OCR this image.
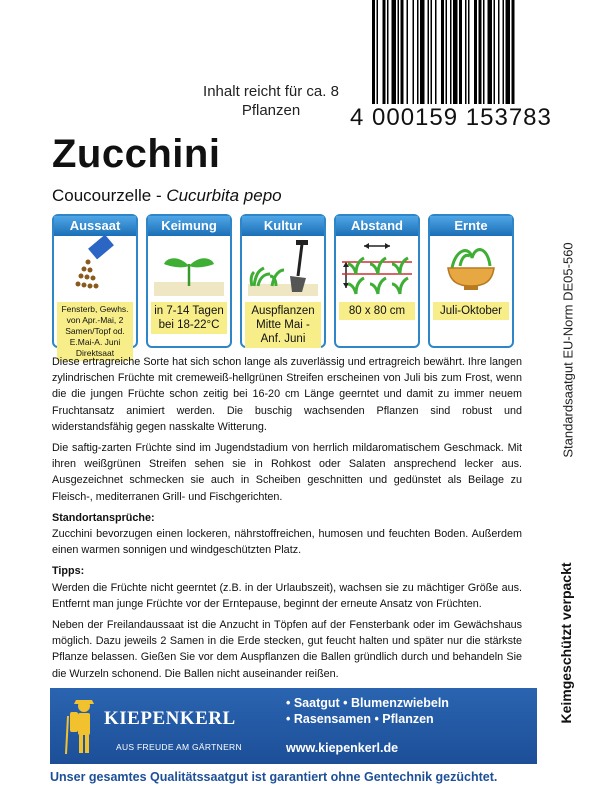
4 000159 153783
Inhalt reicht für ca. 8 Pflanzen
Zucchini
Coucourzelle - Cucurbita pepo
Aussaat
Fensterb, Gewhs. von Apr.-Mai, 2 Samen/Topf od. E.Mai-A. Juni Direktsaat
Keimung
in 7-14 Tagen bei 18-22°C
Kultur
Auspflanzen Mitte Mai - Anf. Juni
Abstand
80 x 80 cm
Ernte
Juli-Oktober

Diese ertragreiche Sorte hat sich schon lange als zuverlässig und ertragreich bewährt. Ihre langen zylindrischen Früchte mit cremeweiß-hellgrünen Streifen erscheinen von Juli bis zum Frost, wenn die die jungen Früchte schon zeitig bei 16-20 cm Länge geerntet und damit zu immer neuem Fruchtansatz animiert werden. Die buschig wachsenden Pflanzen sind robust und widerstandsfähig gegen nasskalte Witterung.

Die saftig-zarten Früchte sind im Jugendstadium von herrlich mildaromatischem Geschmack. Mit ihren weißgrünen Streifen sehen sie in Rohkost oder Salaten ansprechend lecker aus. Ausgezeichnet schmecken sie auch in Scheiben geschnitten und gedünstet als Beilage zu Fleisch-, mediterranen Grill- und Fischgerichten.

Standortansprüche:

Zucchini bevorzugen einen lockeren, nährstoffreichen, humosen und feuchten Boden. Außerdem einen warmen sonnigen und windgeschützten Platz.

Tipps:

Werden die Früchte nicht geerntet (z.B. in der Urlaubszeit), wachsen sie zu mächtiger Größe aus. Entfernt man junge Früchte vor der Erntepause, beginnt der erneute Ansatz von Früchten.

Neben der Freilandaussaat ist die Anzucht in Töpfen auf der Fensterbank oder im Gewächshaus möglich. Dazu jeweils 2 Samen in die Erde stecken, gut feucht halten und später nur die stärkste Pflanze belassen. Gießen Sie vor dem Auspflanzen die Ballen gründlich durch und behandeln Sie die Wurzeln schonend. Die Ballen nicht auseinander reißen.

Standardsaatgut EU-Norm DE05-560
Keimgeschützt verpackt
KIEPENKERL
AUS FREUDE AM GÄRTNERN
• Saatgut • Blumenzwiebeln
• Rasensamen • Pflanzen
www.kiepenkerl.de
Unser gesamtes Qualitätssaatgut ist garantiert ohne Gentechnik gezüchtet.
